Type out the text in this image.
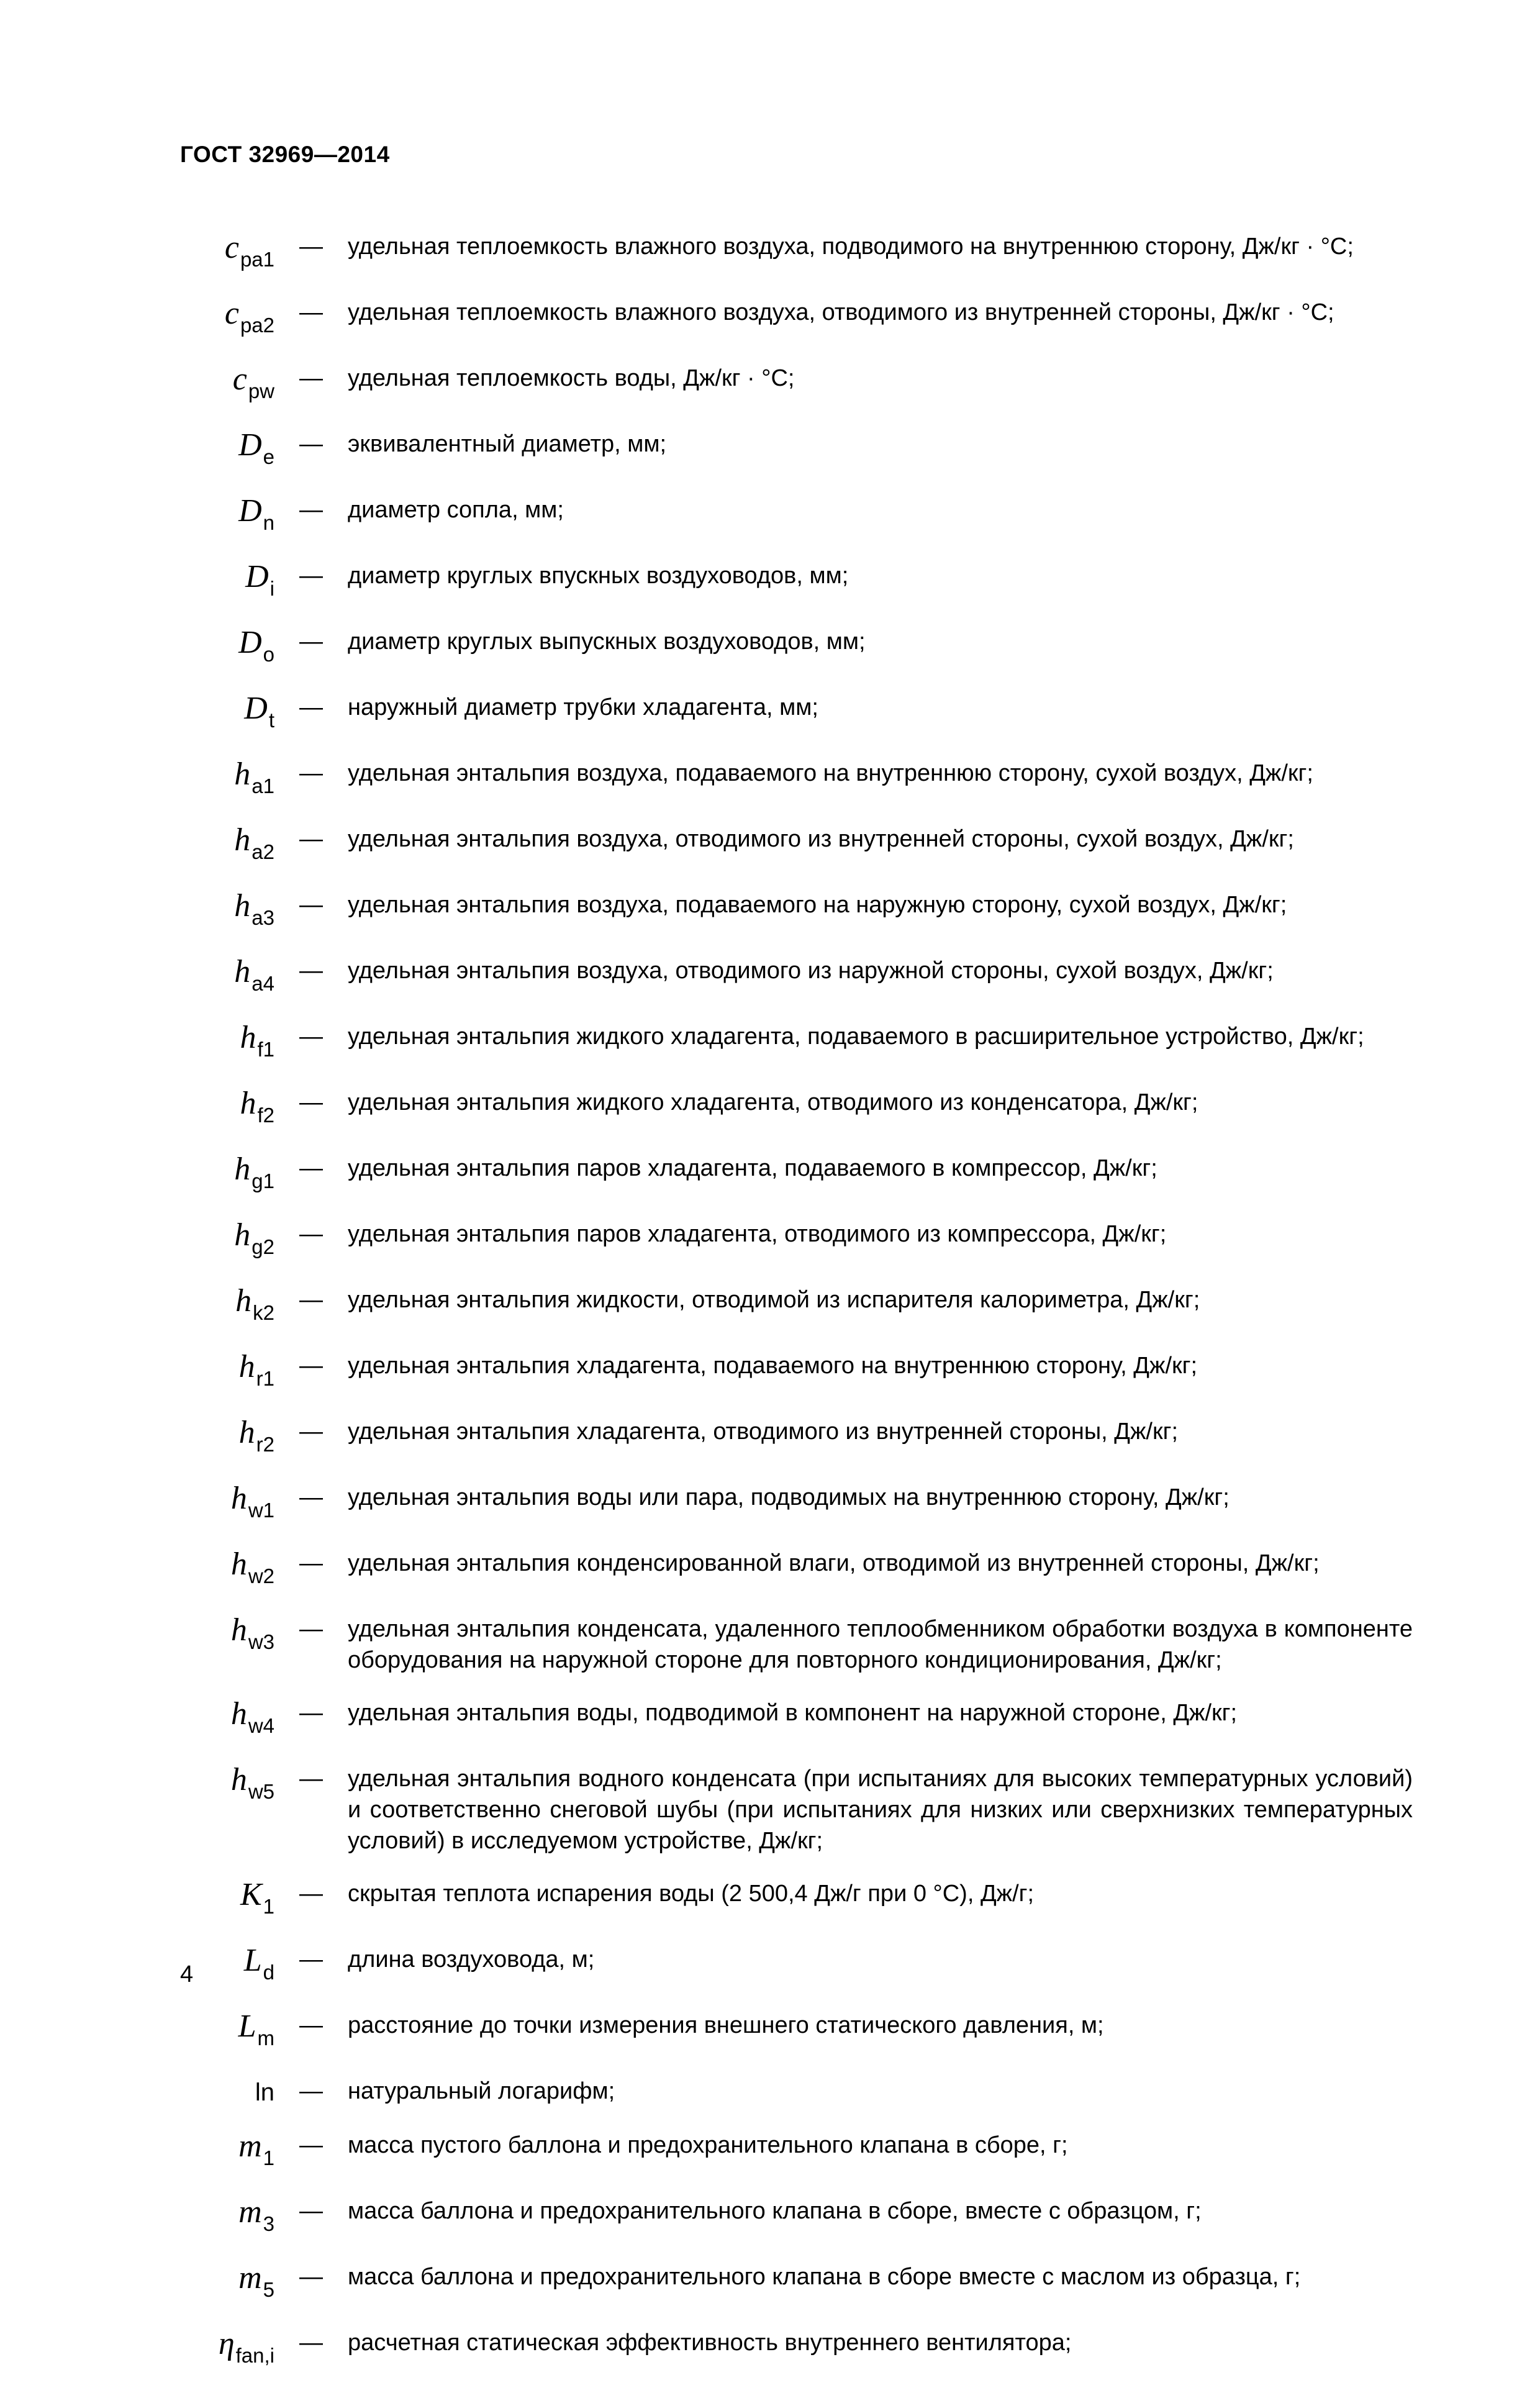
ГОСТ 32969—2014
$c_{pa1}$	—	удельная теплоемкость влажного воздуха, подводимого на внутреннюю сторону, Дж/кг · °С;
$c_{pa2}$	—	удельная теплоемкость влажного воздуха, отводимого из внутренней стороны, Дж/кг · °С;
$c_{pw}$	—	удельная теплоемкость воды, Дж/кг · °С;
$D_e$	—	эквивалентный диаметр, мм;
$D_n$	—	диаметр сопла, мм;
$D_i$	—	диаметр круглых впускных воздуховодов, мм;
$D_o$	—	диаметр круглых выпускных воздуховодов, мм;
$D_t$	—	наружный диаметр трубки хладагента, мм;
$h_{a1}$	—	удельная энтальпия воздуха, подаваемого на внутреннюю сторону, сухой воздух, Дж/кг;
$h_{a2}$	—	удельная энтальпия воздуха, отводимого из внутренней стороны, сухой воздух, Дж/кг;
$h_{a3}$	—	удельная энтальпия воздуха, подаваемого на наружную сторону, сухой воздух, Дж/кг;
$h_{a4}$	—	удельная энтальпия воздуха, отводимого из наружной стороны, сухой воздух, Дж/кг;
$h_{f1}$	—	удельная энтальпия жидкого хладагента, подаваемого в расширительное устройство, Дж/кг;
$h_{f2}$	—	удельная энтальпия жидкого хладагента, отводимого из конденсатора, Дж/кг;
$h_{g1}$	—	удельная энтальпия паров хладагента, подаваемого в компрессор, Дж/кг;
$h_{g2}$	—	удельная энтальпия паров хладагента, отводимого из компрессора, Дж/кг;
$h_{k2}$	—	удельная энтальпия жидкости, отводимой из испарителя калориметра, Дж/кг;
$h_{r1}$	—	удельная энтальпия хладагента, подаваемого на внутреннюю сторону, Дж/кг;
$h_{r2}$	—	удельная энтальпия хладагента, отводимого из внутренней стороны, Дж/кг;
$h_{w1}$	—	удельная энтальпия воды или пара, подводимых на внутреннюю сторону, Дж/кг;
$h_{w2}$	—	удельная энтальпия конденсированной влаги, отводимой из внутренней стороны, Дж/кг;
$h_{w3}$	—	удельная энтальпия конденсата, удаленного теплообменником обработки воздуха в компоненте оборудования на наружной стороне для повторного кондиционирования, Дж/кг;
$h_{w4}$	—	удельная энтальпия воды, подводимой в компонент на наружной стороне, Дж/кг;
$h_{w5}$	—	удельная энтальпия водного конденсата (при испытаниях для высоких температурных условий) и соответственно снеговой шубы (при испытаниях для низких или сверхнизких температурных условий) в исследуемом устройстве, Дж/кг;
$K_1$	—	скрытая теплота испарения воды (2 500,4 Дж/г при 0 °С), Дж/г;
$L_d$	—	длина воздуховода, м;
$L_m$	—	расстояние до точки измерения внешнего статического давления, м;
ln	—	натуральный логарифм;
$m_1$	—	масса пустого баллона и предохранительного клапана в сборе, г;
$m_3$	—	масса баллона и предохранительного клапана в сборе, вместе с образцом, г;
$m_5$	—	масса баллона и предохранительного клапана в сборе вместе с маслом из образца, г;
$\eta_{fan,i}$	—	расчетная статическая эффективность внутреннего вентилятора;
4
